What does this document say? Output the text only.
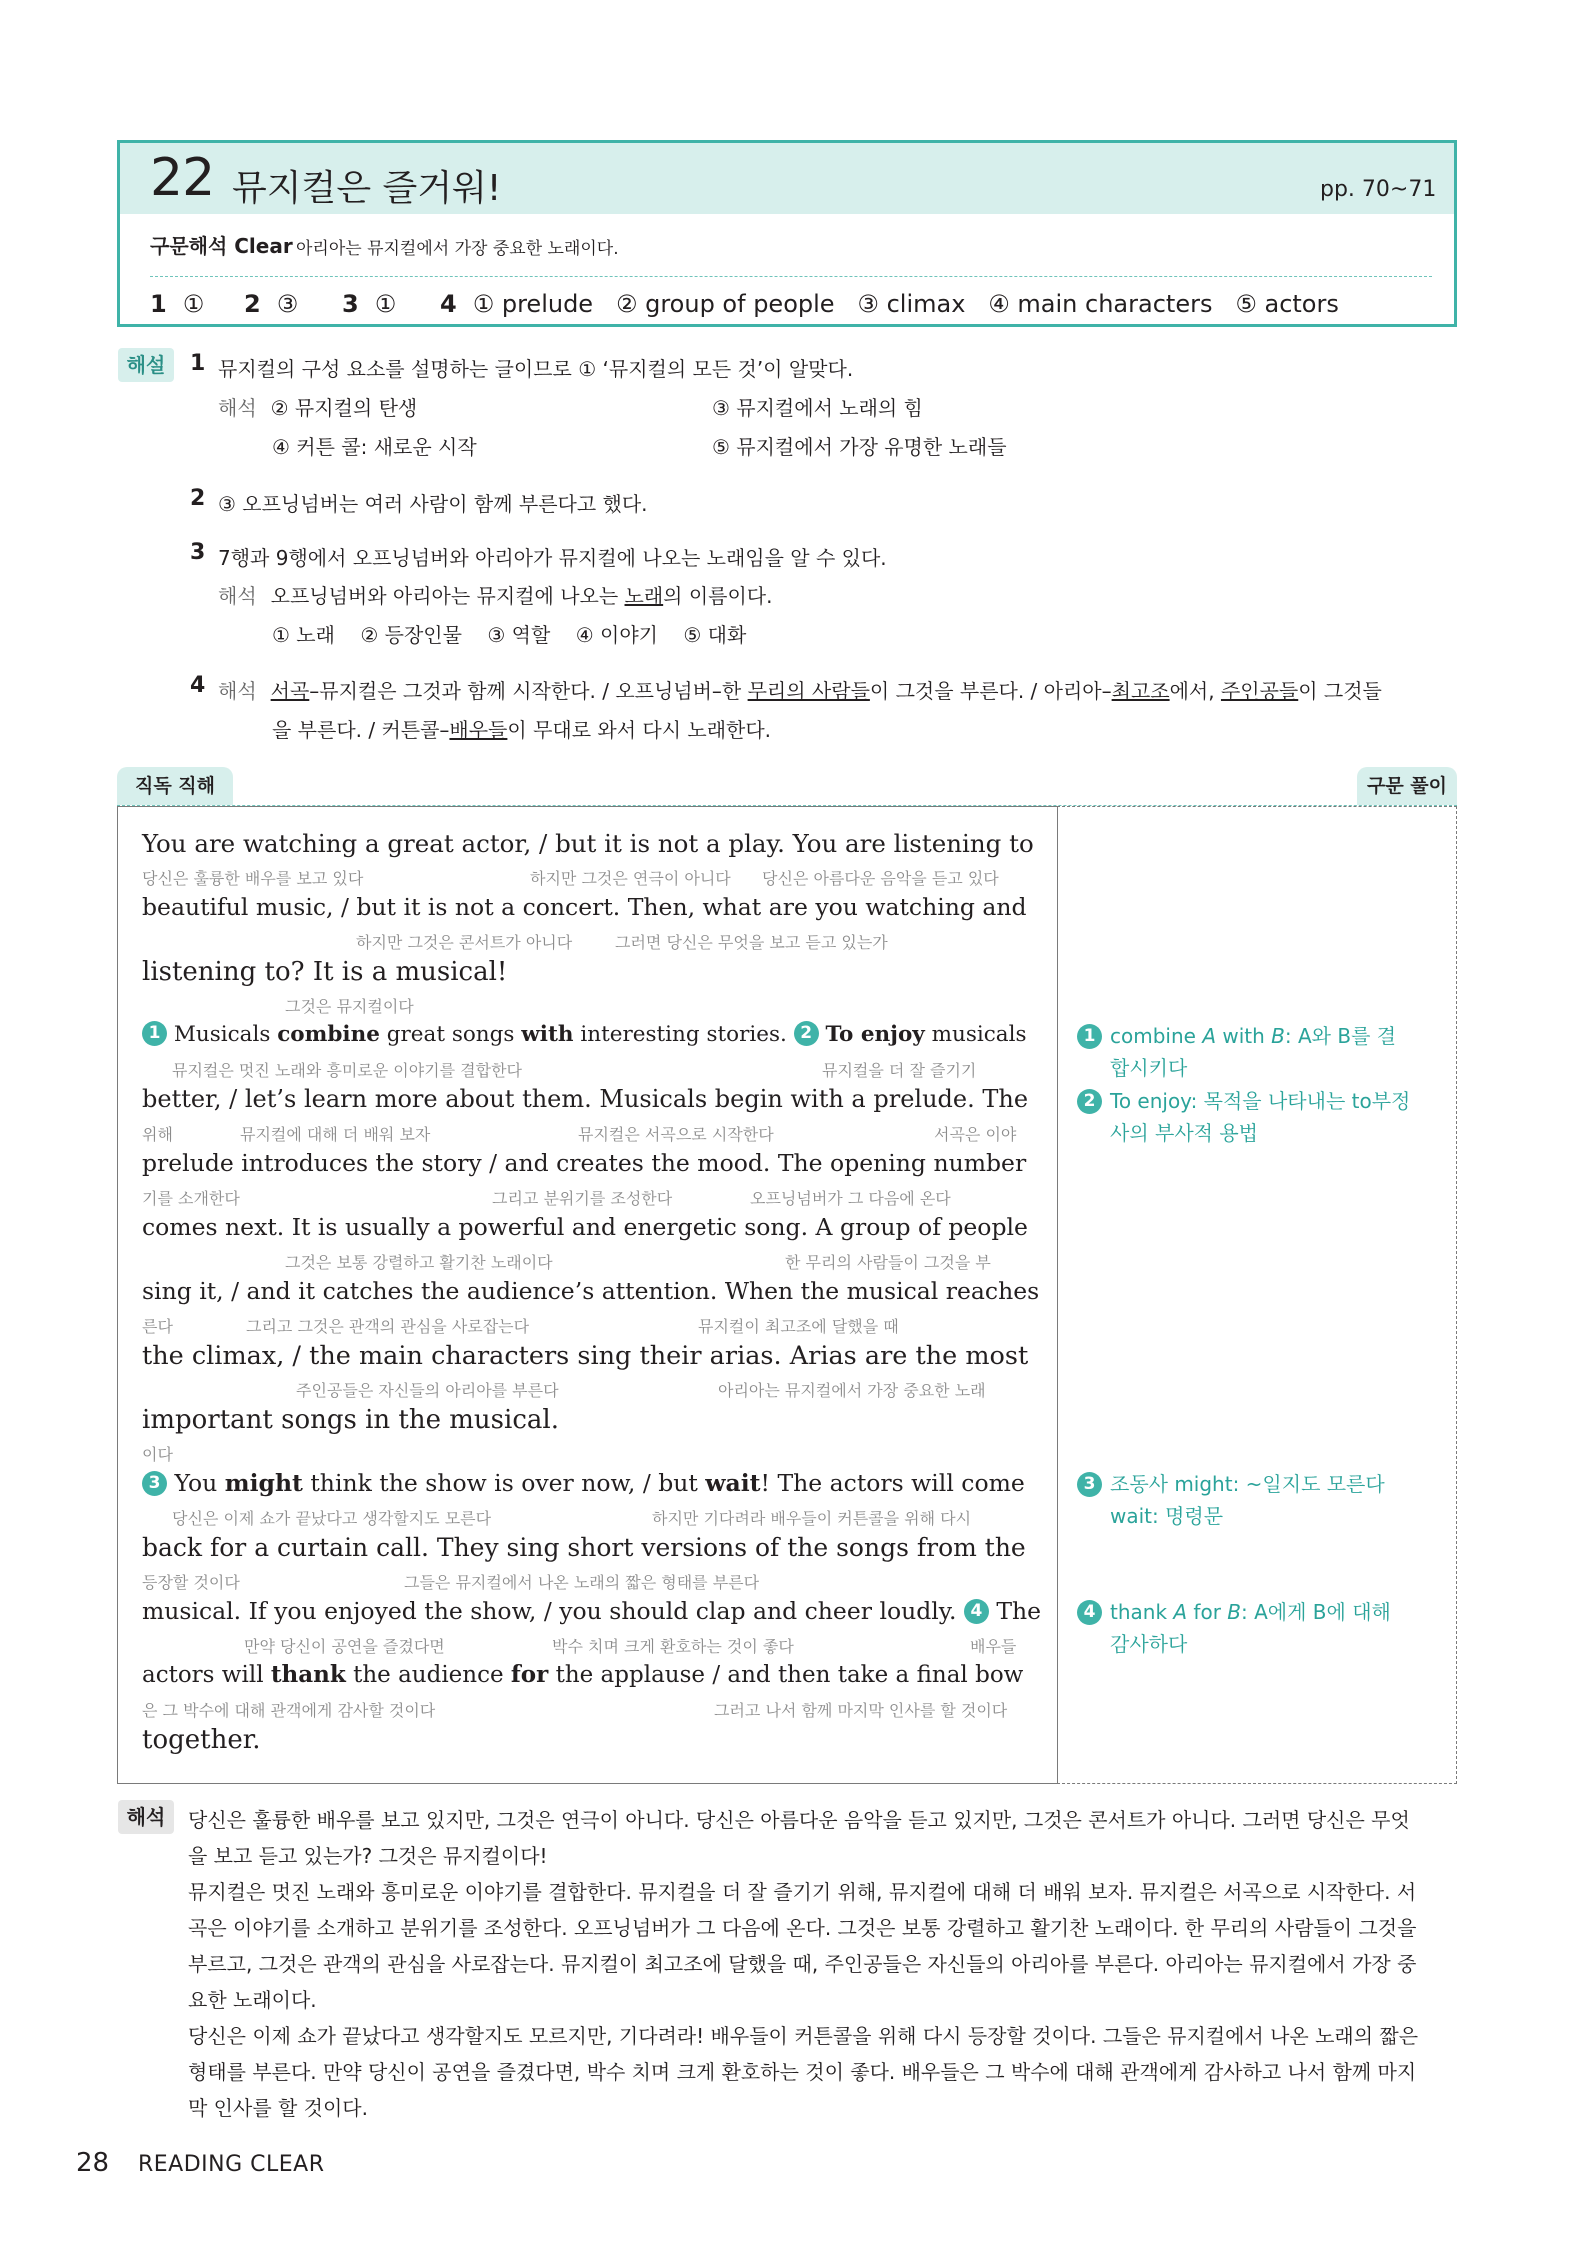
22 뮤지컬은 즐거워!	pp. 70~71
구문해석 Clear 아리아는 뮤지컬에서 가장 중요한 노래이다.
1 ① 2 ③ 3 ① 4 ① prelude   ② group of people   ③ climax   ④ main characters   ⑤ actors
해설	1 뮤지컬의 구성 요소를 설명하는 글이므로 ① ‘뮤지컬의 모든 것’이 알맞다.
해석 ② 뮤지컬의 탄생	③ 뮤지컬에서 노래의 힘
④ 커튼 콜: 새로운 시작	⑤ 뮤지컬에서 가장 유명한 노래들
2 ③ 오프닝넘버는 여러 사람이 함께 부른다고 했다.
3 7행과 9행에서 오프닝넘버와 아리아가 뮤지컬에 나오는 노래임을 알 수 있다.
해석 오프닝넘버와 아리아는 뮤지컬에 나오는 노래의 이름이다.
① 노래    ② 등장인물    ③ 역할    ④ 이야기    ⑤ 대화
4 해석 서곡–뮤지컬은 그것과 함께 시작한다. / 오프닝넘버–한 무리의 사람들이 그것을 부른다. / 아리아–최고조에서, 주인공들이 그것들
을 부른다. / 커튼콜–배우들이 무대로 와서 다시 노래한다.
직독 직해	구문 풀이
You are watching a great actor, / but it is not a play. You are listening to
당신은 훌륭한 배우를 보고 있다	하지만 그것은 연극이 아니다 당신은 아름다운 음악을 듣고 있다
beautiful music, / but it is not a concert. Then, what are you watching and
하지만 그것은 콘서트가 아니다	그러면 당신은 무엇을 보고 듣고 있는가
listening to? It is a musical!
그것은 뮤지컬이다
1 Musicals combine great songs with interesting stories. 2 To enjoy musicals
뮤지컬은 멋진 노래와 흥미로운 이야기를 결합한다	뮤지컬을 더 잘 즐기기
better, / let’s learn more about them. Musicals begin with a prelude. The
위해	뮤지컬에 대해 더 배워 보자	뮤지컬은 서곡으로 시작한다	서곡은 이야
prelude introduces the story / and creates the mood. The opening number
기를 소개한다	그리고 분위기를 조성한다	오프닝넘버가 그 다음에 온다
comes next. It is usually a powerful and energetic song. A group of people
그것은 보통 강렬하고 활기찬 노래이다	한 무리의 사람들이 그것을 부
sing it, / and it catches the audience’s attention. When the musical reaches
른다	그리고 그것은 관객의 관심을 사로잡는다	뮤지컬이 최고조에 달했을 때
the climax, / the main characters sing their arias. Arias are the most
주인공들은 자신들의 아리아를 부른다	아리아는 뮤지컬에서 가장 중요한 노래
important songs in the musical.
이다
3 You might think the show is over now, / but wait! The actors will come
당신은 이제 쇼가 끝났다고 생각할지도 모른다	하지만 기다려라 배우들이 커튼콜을 위해 다시
back for a curtain call. They sing short versions of the songs from the
등장할 것이다	그들은 뮤지컬에서 나온 노래의 짧은 형태를 부른다
musical. If you enjoyed the show, / you should clap and cheer loudly. 4 The
만약 당신이 공연을 즐겼다면	박수 치며 크게 환호하는 것이 좋다	배우들
actors will thank the audience for the applause / and then take a final bow
은 그 박수에 대해 관객에게 감사할 것이다	그러고 나서 함께 마지막 인사를 할 것이다
together.
1 combine A with B: A와 B를 결
합시키다
2 To enjoy: 목적을 나타내는 to부정
사의 부사적 용법
3 조동사 might: ~일지도 모른다
wait: 명령문
4 thank A for B: A에게 B에 대해
감사하다
해석	당신은 훌륭한 배우를 보고 있지만, 그것은 연극이 아니다. 당신은 아름다운 음악을 듣고 있지만, 그것은 콘서트가 아니다. 그러면 당신은 무엇
을 보고 듣고 있는가? 그것은 뮤지컬이다!
뮤지컬은 멋진 노래와 흥미로운 이야기를 결합한다. 뮤지컬을 더 잘 즐기기 위해, 뮤지컬에 대해 더 배워 보자. 뮤지컬은 서곡으로 시작한다. 서
곡은 이야기를 소개하고 분위기를 조성한다. 오프닝넘버가 그 다음에 온다. 그것은 보통 강렬하고 활기찬 노래이다. 한 무리의 사람들이 그것을
부르고, 그것은 관객의 관심을 사로잡는다. 뮤지컬이 최고조에 달했을 때, 주인공들은 자신들의 아리아를 부른다. 아리아는 뮤지컬에서 가장 중
요한 노래이다.
당신은 이제 쇼가 끝났다고 생각할지도 모르지만, 기다려라! 배우들이 커튼콜을 위해 다시 등장할 것이다. 그들은 뮤지컬에서 나온 노래의 짧은
형태를 부른다. 만약 당신이 공연을 즐겼다면, 박수 치며 크게 환호하는 것이 좋다. 배우들은 그 박수에 대해 관객에게 감사하고 나서 함께 마지
막 인사를 할 것이다.
28 READING CLEAR
